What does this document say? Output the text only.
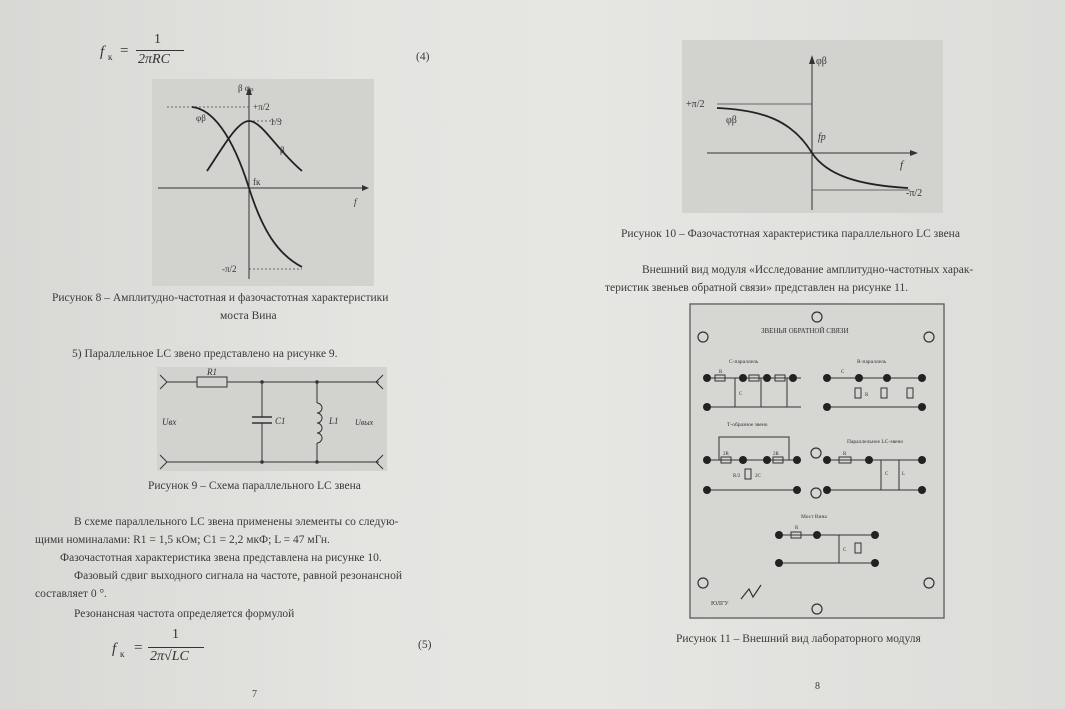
f к =
1
2πRC	(4)
β φₚ
φβ
+π/2
1/3
β
fк
f
-π/2
Рисунок 8 – Амплитудно-частотная и фазочастотная характеристики
моста Вина
5) Параллельное LC звено представлено на рисунке 9.
R1
C1	L1
Uвх	Uвых
Рисунок 9 – Схема параллельного LC звена
В схеме параллельного LC звена применены элементы со следую-
щими номиналами: R1 = 1,5 кОм; C1 = 2,2 мкФ; L = 47 мГн.
Фазочастотная характеристика звена представлена на рисунке 10.
Фазовый сдвиг выходного сигнала на частоте, равной резонансной
составляет 0 °.
Резонансная частота определяется формулой
f к =
1
2π√LC
(5)
7
φβ
+π/2
φβ
fр
f
-π/2
Рисунок 10 – Фазочастотная характеристика параллельного LC звена
Внешний вид модуля «Исследование амплитудно-частотных харак-
теристик звеньев обратной связи» представлен на рисунке 11.
ЗВЕНЬЯ ОБРАТНОЙ СВЯЗИ
С-параллель
R
C
R-параллель
C
R
Т-образное звено
2R	2R
2C
R/2
Параллельное LC-звено
R
C	L
Мост Вина
R
C
ЮЛГУ
Рисунок 11 – Внешний вид лабораторного модуля
8
